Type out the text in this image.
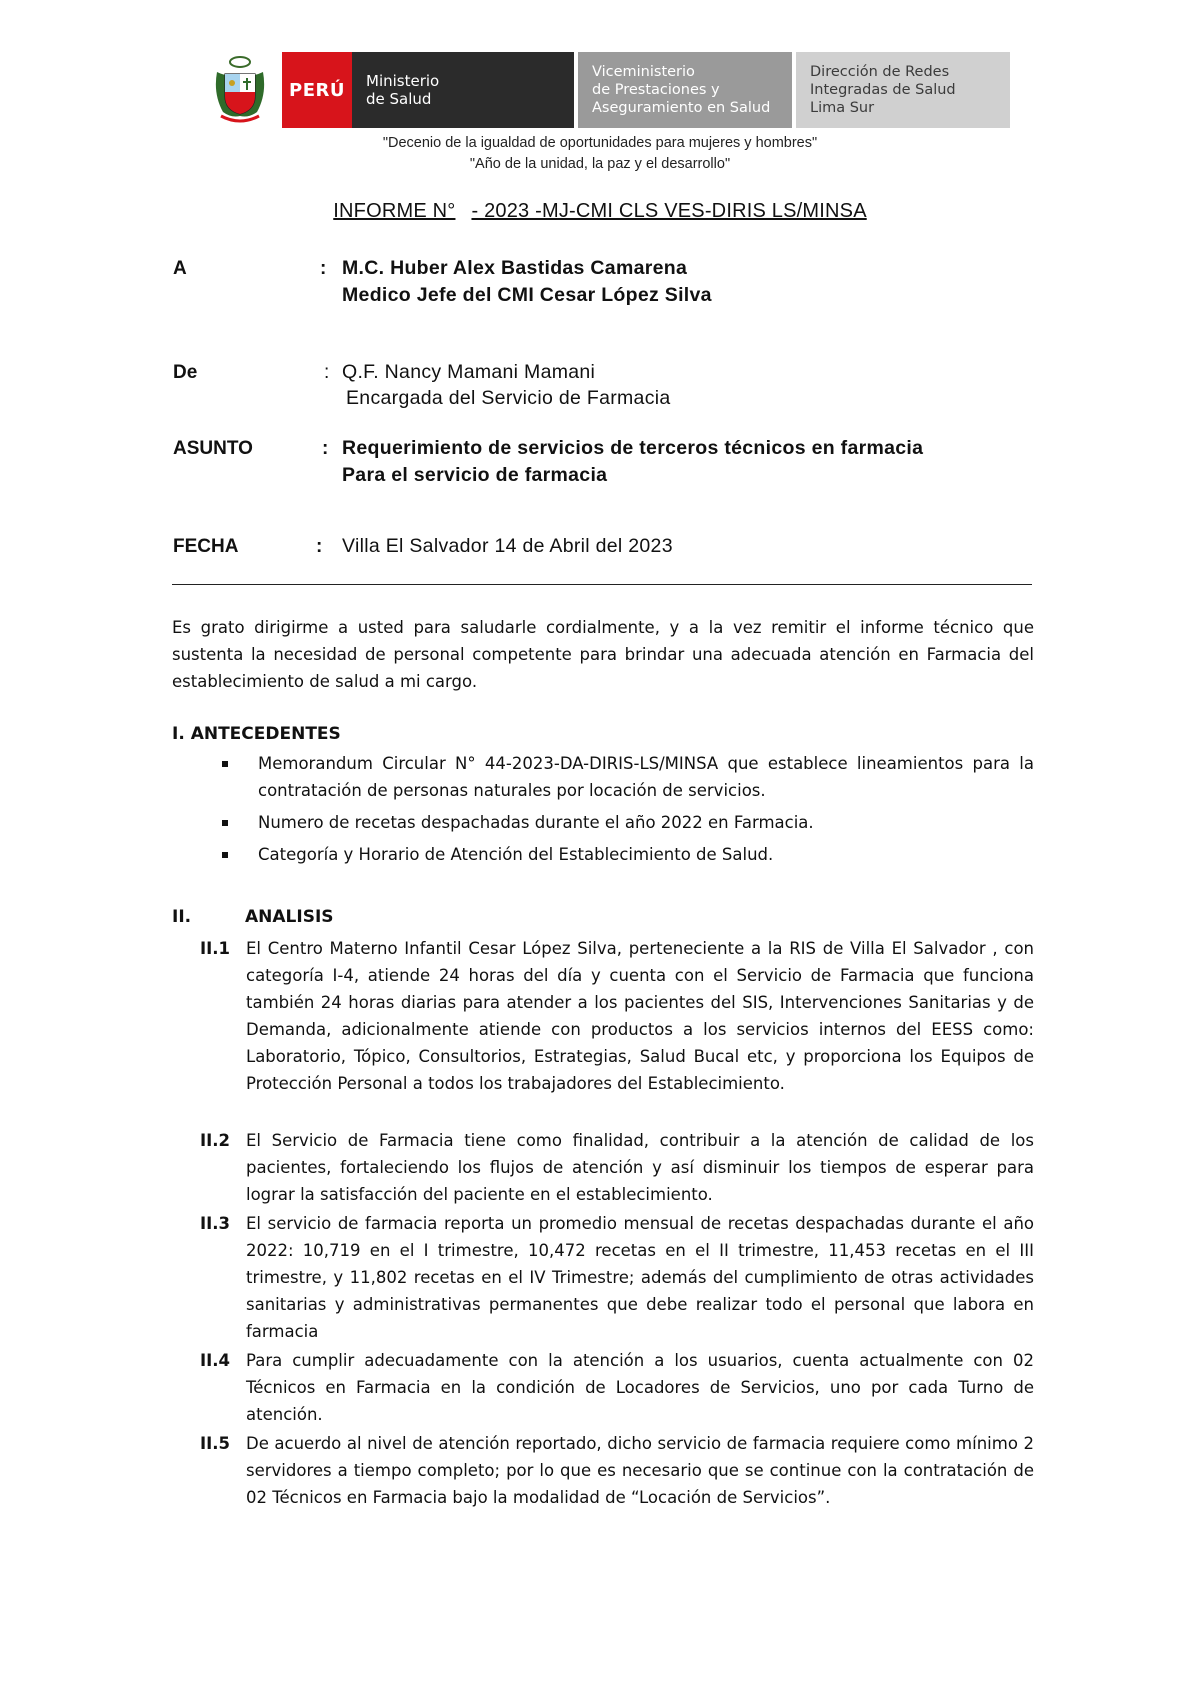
PERÚ Ministerio
de Salud
Viceministerio
de Prestaciones y
Aseguramiento en Salud
Dirección de Redes
Integradas de Salud
Lima Sur
"Decenio de la igualdad de oportunidades para mujeres y hombres"
"Año de la unidad, la paz y el desarrollo"
INFORME N° - 2023 -MJ-CMI CLS VES-DIRIS LS/MINSA
A	: M.C. Huber Alex Bastidas Camarena
Medico Jefe del CMI Cesar López Silva
De	: Q.F. Nancy Mamani Mamani
Encargada del Servicio de Farmacia
ASUNTO	: Requerimiento de servicios de terceros técnicos en farmacia
Para el servicio de farmacia
FECHA	: Villa El Salvador 14 de Abril del 2023
Es grato dirigirme a usted para saludarle cordialmente, y a la vez remitir el informe técnico que sustenta la necesidad de personal competente para brindar una adecuada atención en Farmacia del establecimiento de salud a mi cargo.
I. ANTECEDENTES
Memorandum Circular N° 44-2023-DA-DIRIS-LS/MINSA que establece lineamientos para la contratación de personas naturales por locación de servicios.
Numero de recetas despachadas durante el año 2022 en Farmacia.
Categoría y Horario de Atención del Establecimiento de Salud.
II.	ANALISIS
II.1 El Centro Materno Infantil Cesar López Silva, perteneciente a la RIS de Villa El Salvador , con categoría I-4, atiende 24 horas del día y cuenta con el Servicio de Farmacia que funciona también 24 horas diarias para atender a los pacientes del SIS, Intervenciones Sanitarias y de Demanda, adicionalmente atiende con productos a los servicios internos del EESS como: Laboratorio, Tópico, Consultorios, Estrategias, Salud Bucal etc, y proporciona los Equipos de Protección Personal a todos los trabajadores del Establecimiento.
II.2 El Servicio de Farmacia tiene como finalidad, contribuir a la atención de calidad de los pacientes, fortaleciendo los flujos de atención y así disminuir los tiempos de esperar para lograr la satisfacción del paciente en el establecimiento.
II.3 El servicio de farmacia reporta un promedio mensual de recetas despachadas durante el año 2022: 10,719 en el I trimestre, 10,472 recetas en el II trimestre, 11,453 recetas en el III trimestre, y 11,802 recetas en el IV Trimestre; además del cumplimiento de otras actividades sanitarias y administrativas permanentes que debe realizar todo el personal que labora en farmacia
II.4 Para cumplir adecuadamente con la atención a los usuarios, cuenta actualmente con 02 Técnicos en Farmacia en la condición de Locadores de Servicios, uno por cada Turno de atención.
II.5 De acuerdo al nivel de atención reportado, dicho servicio de farmacia requiere como mínimo 2 servidores a tiempo completo; por lo que es necesario que se continue con la contratación de 02 Técnicos en Farmacia bajo la modalidad de “Locación de Servicios”.
